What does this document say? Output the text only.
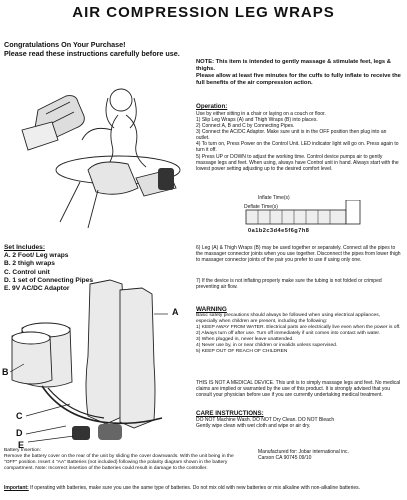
AIR COMPRESSION LEG WRAPS
Congratulations On Your Purchase!
Please read these instructions carefully before use.
NOTE: This item is intended to gently massage & stimulate feet, legs & thighs.
Please allow at least five minutes for the cuffs to fully inflate to receive the full benefits of the air compression action.
Operation:
Use by either sitting in a chair or laying on a couch or floor.
1) Slip Leg Wraps (A) and Thigh Wraps (B) into places.
2) Connect A, B and C by Connecting Pipes.
3) Connect the AC/DC Adaptor. Make sure unit is in the OFF position then plug into an outlet.
4) To turn on, Press Power on the Control Unit. LED indicator light will go on. Press again to turn it off.
5) Press UP or DOWN to adjust the working time. Control device pumps air to gently massage legs and feet. When using, always have Control unit in hand. Always start with the lowest power setting adjusting up to the desired comfort level.
Inflate Time(s)
Deflate Time(s)
0a1b2c3d4e5f6g7h8
Set Includes:
A. 2 Foot/ Leg wraps
B. 2 thigh wraps
C. Control unit
D. 1 set of Connecting Pipes
E. 9V AC/DC Adaptor
A
B
C
D
E
6) Leg (A) & Thigh Wraps (B) may be used together or separately. Connect all the pipes to the massager connector joints when you use together. Disconnect the pipes from lower thigh to massager connector joints of the pair you prefer to use if using only one.
7) If the device is not inflating properly make sure the tubing is not folded or crimped preventing air flow.
WARNING
Basic safety precautions should always be followed when using electrical appliances, especially when children are present, including the following:
1) KEEP AWAY FROM WATER. Electrical parts are electrically live even when the power is off.
2) Always turn off after use. Turn off immediately if unit comes into contact with water.
3) When plugged in, never leave unattended.
4) Never use by, in or near children or invalids unless supervised.
5) KEEP OUT OF REACH OF CHILDREN
THIS IS NOT A MEDICAL DEVICE. This unit is to simply massage legs and feet. No medical claims are implied or warranted by the use of this product. It is strongly advised that you consult your physician before use if you are currently undertaking medical treatment.
CARE INSTRUCTIONS:
DO NOT Machine Wash. DO NOT Dry Clean. DO NOT Bleach
Gently wipe clean with wet cloth and wipe or air dry.
Battery Insertion:
Remove the battery cover on the rear of the unit by sliding the cover downwards. With the unit being in the "OFF" position. Insert 4 "AA" Batteries (not included) following the polarity diagram shown in the battery compartment. Note: Incorrect insertion of the batteries could result in damage to the controller.
Manufactured for: Jobar international inc.
Carson CA 90745 09/10
Important: If operating with batteries, make sure you use the same type of batteries. Do not mix old with new batteries or mix alkaline with non-alkaline batteries.
